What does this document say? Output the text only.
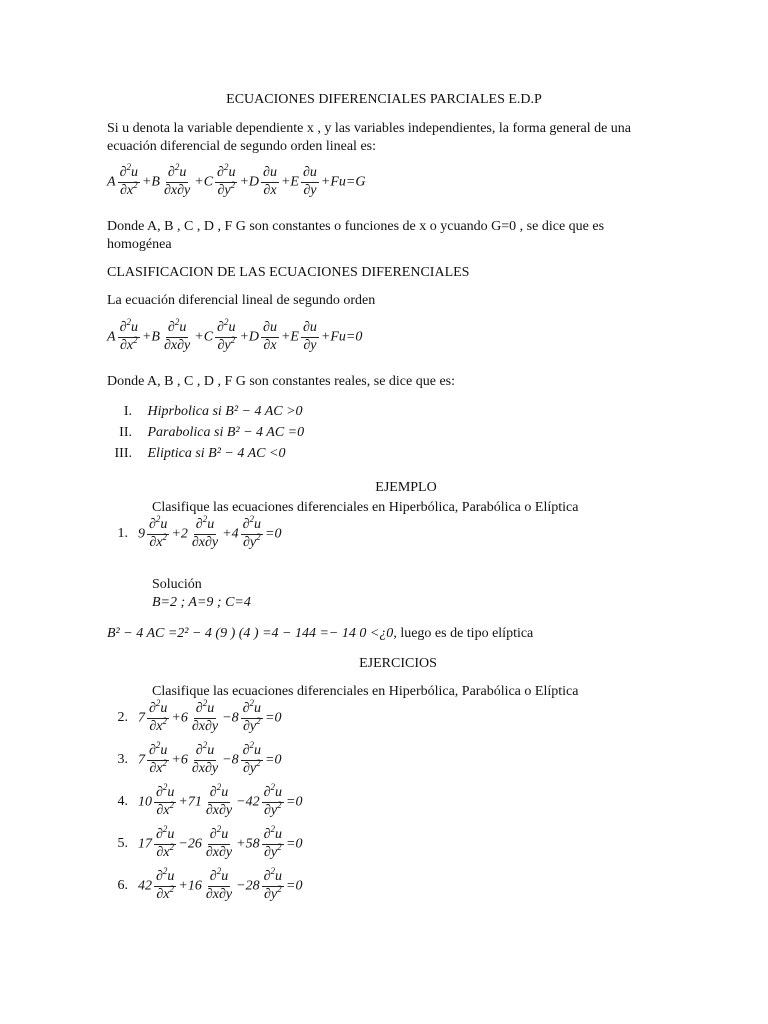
ECUACIONES DIFERENCIALES PARCIALES E.D.P
Si u denota la variable dependiente x , y las variables independientes, la forma general de una
ecuación diferencial de segundo orden lineal es:
A $\frac{\partial^2u}{\partial x^2} +B \frac{\partial^2u}{\partial x\partial y} +C \frac{\partial^2u}{\partial y^2} +D \frac{\partial u}{\partial x} +E \frac{\partial u}{\partial y} +Fu=G$
Donde A, B , C , D , F G son constantes o funciones de x o ycuando G=0 , se dice que es
homogénea
CLASIFICACION DE LAS ECUACIONES DIFERENCIALES
La ecuación diferencial lineal de segundo orden
A $\frac{\partial^2u}{\partial x^2} +B \frac{\partial^2u}{\partial x\partial y} +C \frac{\partial^2u}{\partial y^2} +D \frac{\partial u}{\partial x} +E \frac{\partial u}{\partial y} +Fu=0$
Donde A, B , C , D , F G son constantes reales, se dice que es:
I. Hiprbolica si B² − 4 AC >0
II. Parabolica si B² − 4 AC =0
III. Eliptica si B² − 4 AC <0
EJEMPLO
Clasifique las ecuaciones diferenciales en Hiperbólica, Parabólica o Elíptica
1. $9 \frac{\partial^2u}{\partial x^2} +2 \frac{\partial^2u}{\partial x\partial y} +4 \frac{\partial^2u}{\partial y^2} =0$
Solución
B=2 ; A=9 ; C=4
B² − 4 AC =2² − 4 (9 ) (4 ) =4 − 144 =− 14 0 <¿0, luego es de tipo elíptica
EJERCICIOS
Clasifique las ecuaciones diferenciales en Hiperbólica, Parabólica o Elíptica
2. $7 \frac{\partial^2u}{\partial x^2} +6 \frac{\partial^2u}{\partial x\partial y} -8 \frac{\partial^2u}{\partial y^2} =0$
3. $7 \frac{\partial^2u}{\partial x^2} +6 \frac{\partial^2u}{\partial x\partial y} -8 \frac{\partial^2u}{\partial y^2} =0$
4. $10 \frac{\partial^2u}{\partial x^2} +71 \frac{\partial^2u}{\partial x\partial y} -42 \frac{\partial^2u}{\partial y^2} =0$
5. $17 \frac{\partial^2u}{\partial x^2} -26 \frac{\partial^2u}{\partial x\partial y} +58 \frac{\partial^2u}{\partial y^2} =0$
6. $42 \frac{\partial^2u}{\partial x^2} +16 \frac{\partial^2u}{\partial x\partial y} -28 \frac{\partial^2u}{\partial y^2} =0$
